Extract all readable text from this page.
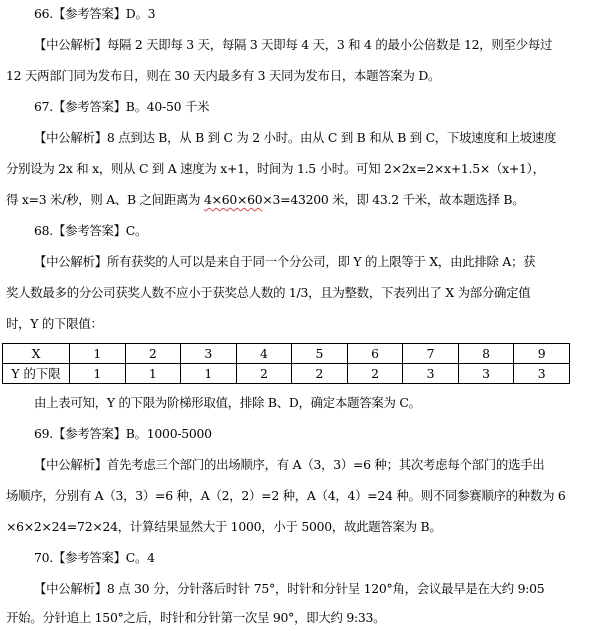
66.【参考答案】D。3
【中公解析】每隔 2 天即每 3 天，每隔 3 天即每 4 天，3 和 4 的最小公倍数是 12，则至少每过
12 天两部门同为发布日，则在 30 天内最多有 3 天同为发布日，本题答案为 D。
67.【参考答案】B。40-50 千米
【中公解析】8 点到达 B，从 B 到 C 为 2 小时。由从 C 到 B 和从 B 到 C，下坡速度和上坡速度
分别设为 2x 和 x，则从 C 到 A 速度为 x+1，时间为 1.5 小时。可知 2×2x=2×x+1.5×（x+1），
得 x=3 米/秒，则 A、B 之间距离为 4×60×60×3=43200 米，即 43.2 千米，故本题选择 B。
68.【参考答案】C。
【中公解析】所有获奖的人可以是来自于同一个分公司，即 Y 的上限等于 X，由此排除 A；获
奖人数最多的分公司获奖人数不应小于获奖总人数的 1/3，且为整数，下表列出了 X 为部分确定值
时，Y 的下限值：
X	1	2	3	4	5	6	7	8	9
Y 的下限	1	1	1	2	2	2	3	3	3
由上表可知，Y 的下限为阶梯形取值，排除 B、D，确定本题答案为 C。
69.【参考答案】B。1000-5000
【中公解析】首先考虑三个部门的出场顺序，有 A（3，3）=6 种；其次考虑每个部门的选手出
场顺序，分别有 A（3，3）=6 种，A（2，2）=2 种，A（4，4）=24 种。则不同参赛顺序的种数为 6
×6×2×24=72×24，计算结果显然大于 1000，小于 5000，故此题答案为 B。
70.【参考答案】C。4
【中公解析】8 点 30 分，分针落后时针 75°，时针和分针呈 120°角，会议最早是在大约 9:05
开始。分针追上 150°之后，时针和分针第一次呈 90°，即大约 9:33。
